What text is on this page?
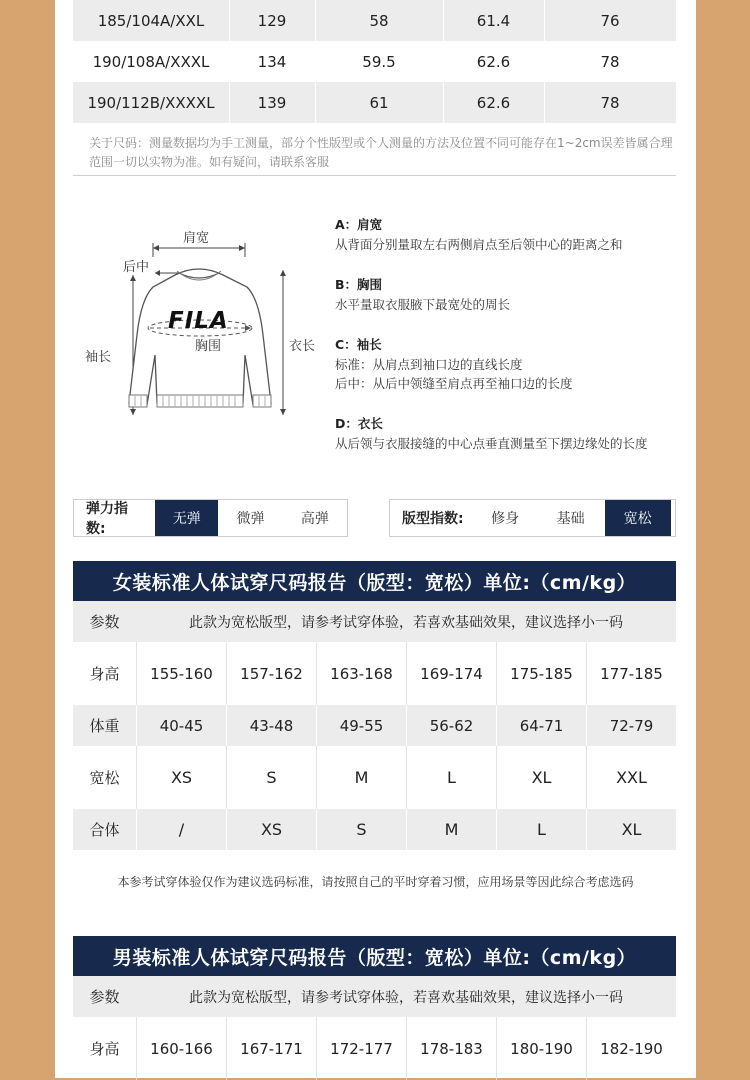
185/104A/XXL	129	58	61.4	76
190/108A/XXXL	134	59.5	62.6	78
190/112B/XXXXL	139	61	62.6	78
关于尺码：测量数据均为手工测量，部分个性版型或个人测量的方法及位置不同可能存在1~2cm误差皆属合理范围一切以实物为准。如有疑问，请联系客服
肩宽
后中
袖长
衣长
FILA
胸围
A：肩宽
从背面分别量取左右两侧肩点至后领中心的距离之和
B：胸围
水平量取衣服腋下最宽处的周长
C：袖长
标准：从肩点到袖口边的直线长度
后中：从后中领缝至肩点再至袖口边的长度
D：衣长
从后领与衣服接缝的中心点垂直测量至下摆边缘处的长度
弹力指数:
无弹	微弹	高弹	版型指数:	修身	基础	宽松
女装标准人体试穿尺码报告（版型：宽松）单位:（cm/kg）
参数	此款为宽松版型，请参考试穿体验，若喜欢基础效果，建议选择小一码
身高	155-160	157-162	163-168	169-174	175-185	177-185
体重	40-45	43-48	49-55	56-62	64-71	72-79
宽松	XS	S	M	L	XL	XXL
合体	/	XS	S	M	L	XL
本参考试穿体验仅作为建议选码标准，请按照自己的平时穿着习惯，应用场景等因此综合考虑选码
男装标准人体试穿尺码报告（版型：宽松）单位:（cm/kg）
参数	此款为宽松版型，请参考试穿体验，若喜欢基础效果，建议选择小一码
身高	160-166	167-171	172-177	178-183	180-190	182-190
